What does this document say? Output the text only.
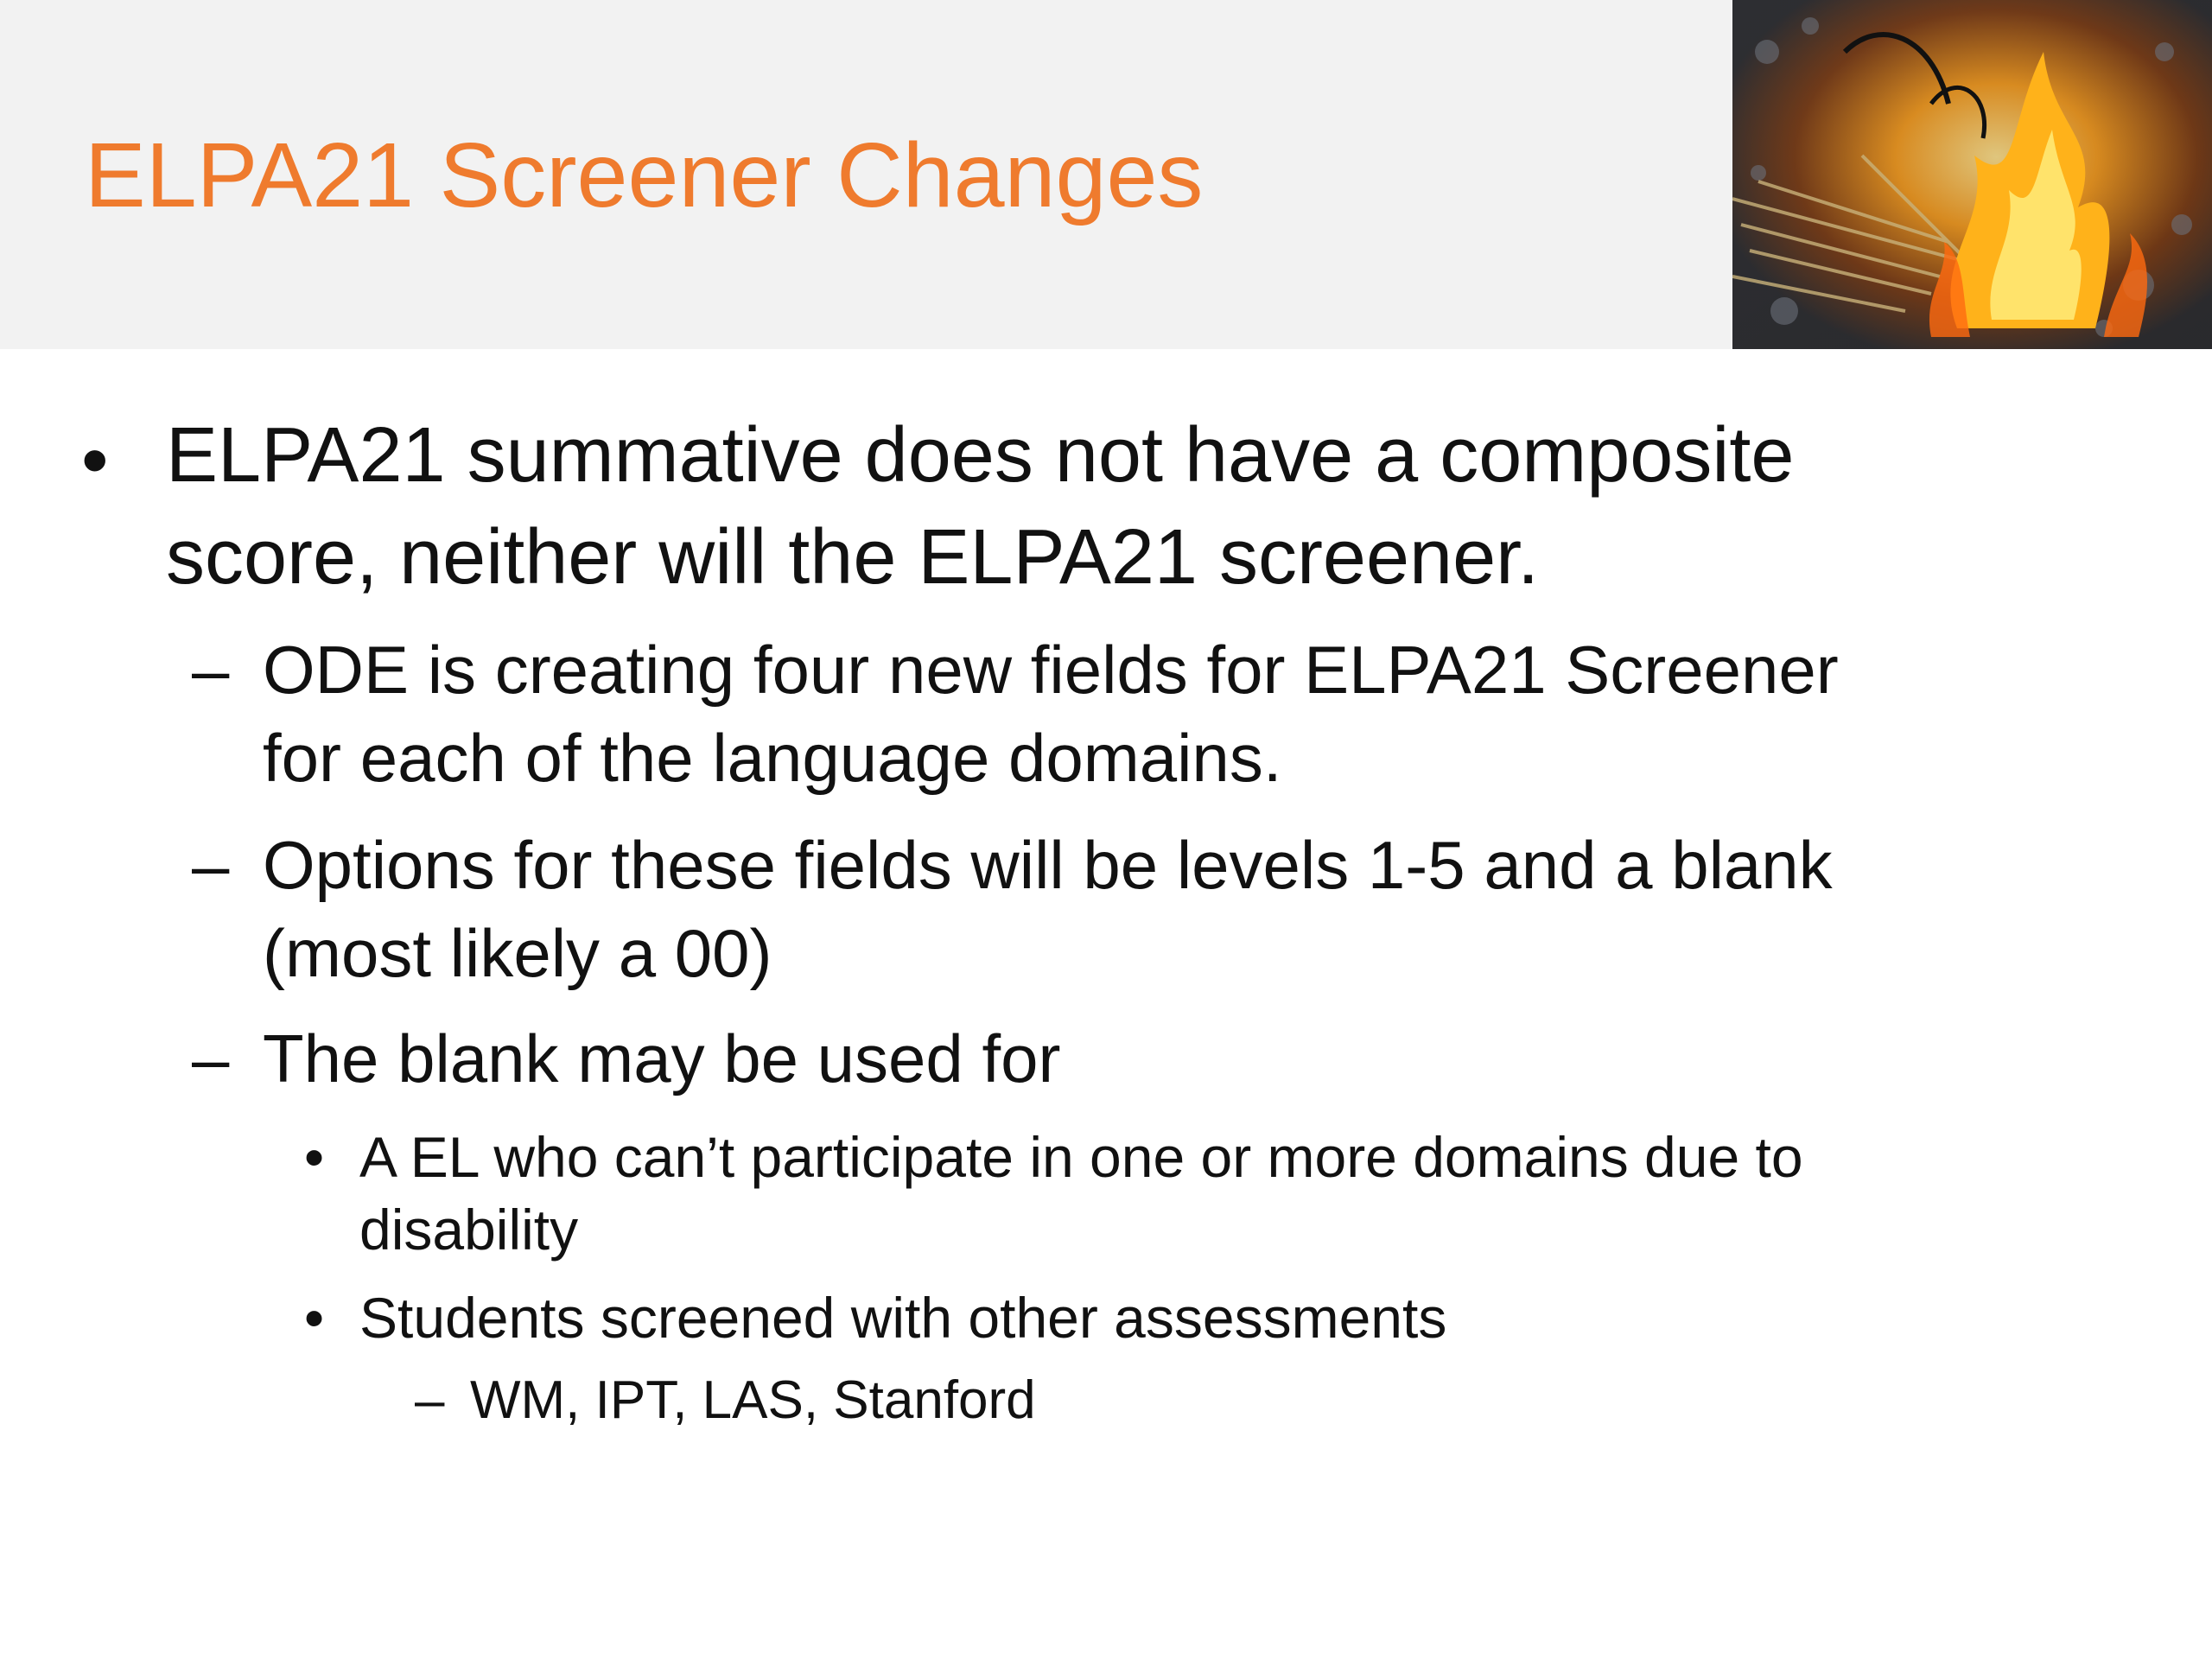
ELPA21 Screener Changes
• ELPA21 summative does not have a composite

score, neither will the ELPA21 screener.

– ODE is creating four new fields for ELPA21 Screener

for each of the language domains.

– Options for these fields will be levels 1-5 and a blank

(most likely a 00)

– The blank may be used for

• A EL who can’t participate in one or more domains due to

disability

• Students screened with other assessments

– WM, IPT, LAS, Stanford
